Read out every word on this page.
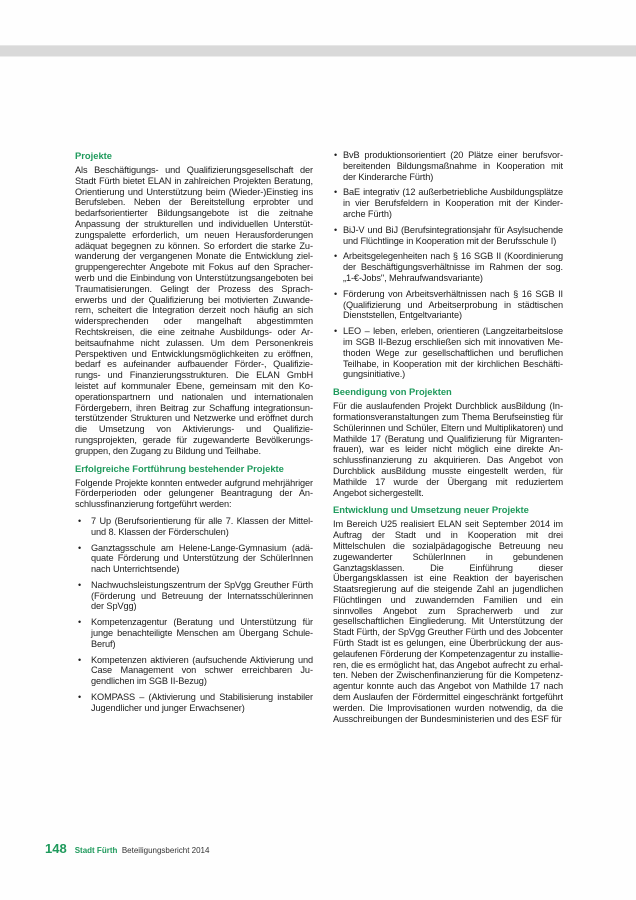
Projekte

Als Beschäftigungs- und Qualifizierungsgesellschaft der Stadt Fürth bietet ELAN in zahlreichen Projekten Beratung, Orientierung und Unterstützung beim (Wieder-)Einstieg ins Berufsleben. Neben der Bereitstellung erprobter und bedarfsorientierter Bildungsangebote ist die zeitnahe Anpassung der strukturellen und individuellen Unterstützungspalette erforderlich, um neuen Herausforderungen adäquat begegnen zu können. So erfordert die starke Zuwanderung der vergangenen Monate die Entwicklung zielgruppengerechter Angebote mit Fokus auf den Spracherwerb und die Einbindung von Unterstützungsangeboten bei Traumatisierungen. Gelingt der Prozess des Spracherwerbs und der Qualifizierung bei motivierten Zuwanderern, scheitert die Integration derzeit noch häufig an sich widersprechenden oder mangelhaft abgestimmten Rechtskreisen, die eine zeitnahe Ausbildungs- oder Arbeitsaufnahme nicht zulassen. Um dem Personenkreis Perspektiven und Entwicklungsmöglichkeiten zu eröffnen, bedarf es aufeinander aufbauender Förder-, Qualifizierungs- und Finanzierungsstrukturen. Die ELAN GmbH leistet auf kommunaler Ebene, gemeinsam mit den Kooperationspartnern und nationalen und internationalen Fördergebern, ihren Beitrag zur Schaffung integrationsunterstützender Strukturen und Netzwerke und eröffnet durch die Umsetzung von Aktivierungs- und Qualifizierungsprojekten, gerade für zugewanderte Bevölkerungsgruppen, den Zugang zu Bildung und Teilhabe.

Erfolgreiche Fortführung bestehender Projekte

Folgende Projekte konnten entweder aufgrund mehrjähriger Förderperioden oder gelungener Beantragung der Anschlussfinanzierung fortgeführt werden:

• 7 Up (Berufsorientierung für alle 7. Klassen der Mittel- und 8. Klassen der Förderschulen)
• Ganztagsschule am Helene-Lange-Gymnasium (adäquate Förderung und Unterstützung der SchülerInnen nach Unterrichtsende)
• Nachwuchsleistungszentrum der SpVgg Greuther Fürth (Förderung und Betreuung der Internatsschülerinnen der SpVgg)
• Kompetenzagentur (Beratung und Unterstützung für junge benachteiligte Menschen am Übergang Schule-Beruf)
• Kompetenzen aktivieren (aufsuchende Aktivierung und Case Management von schwer erreichbaren Jugendlichen im SGB II-Bezug)
• KOMPASS – (Aktivierung und Stabilisierung instabiler Jugendlicher und junger Erwachsener)
• BvB produktionsorientiert (20 Plätze einer berufsvorbereitenden Bildungsmaßnahme in Kooperation mit der Kinderarche Fürth)
• BaE integrativ (12 außerbetriebliche Ausbildungsplätze in vier Berufsfeldern in Kooperation mit der Kinderarche Fürth)
• BiJ-V und BiJ (Berufsintegrationsjahr für Asylsuchende und Flüchtlinge in Kooperation mit der Berufsschule I)
• Arbeitsgelegenheiten nach § 16 SGB II (Koordinierung der Beschäftigungsverhältnisse im Rahmen der sog. „1-€-Jobs", Mehraufwandsvariante)
• Förderung von Arbeitsverhältnissen nach § 16 SGB II (Qualifizierung und Arbeitserprobung in städtischen Dienststellen, Entgeltvariante)
• LEO – leben, erleben, orientieren (Langzeitarbeitslose im SGB II-Bezug erschließen sich mit innovativen Methoden Wege zur gesellschaftlichen und beruflichen Teilhabe, in Kooperation mit der kirchlichen Beschäftigungsinitiative.)
Beendigung von Projekten

Für die auslaufenden Projekt Durchblick ausBildung (Informationsveranstaltungen zum Thema Berufseinstieg für Schülerinnen und Schüler, Eltern und Multiplikatoren) und Mathilde 17 (Beratung und Qualifizierung für Migrantenfrauen), war es leider nicht möglich eine direkte Anschlussfinanzierung zu akquirieren. Das Angebot von Durchblick ausBildung musste eingestellt werden, für Mathilde 17 wurde der Übergang mit reduziertem Angebot sichergestellt.

Entwicklung und Umsetzung neuer Projekte

Im Bereich U25 realisiert ELAN seit September 2014 im Auftrag der Stadt und in Kooperation mit drei Mittelschulen die sozialpädagogische Betreuung neu zugewanderter SchülerInnen in gebundenen Ganztagsklassen. Die Einführung dieser Übergangsklassen ist eine Reaktion der bayerischen Staatsregierung auf die steigende Zahl an jugendlichen Flüchtlingen und zuwandernden Familien und ein sinnvolles Angebot zum Spracherwerb und zur gesellschaftlichen Eingliederung. Mit Unterstützung der Stadt Fürth, der SpVgg Greuther Fürth und des Jobcenter Fürth Stadt ist es gelungen, eine Überbrückung der ausgelaufenen Förderung der Kompetenzagentur zu installieren, die es ermöglicht hat, das Angebot aufrecht zu erhalten. Neben der Zwischenfinanzierung für die Kompetenzagentur konnte auch das Angebot von Mathilde 17 nach dem Auslaufen der Fördermittel eingeschränkt fortgeführt werden. Die Improvisationen wurden notwendig, da die Ausschreibungen der Bundesministerien und des ESF für

148 Stadt Fürth Beteiligungsbericht 2014
